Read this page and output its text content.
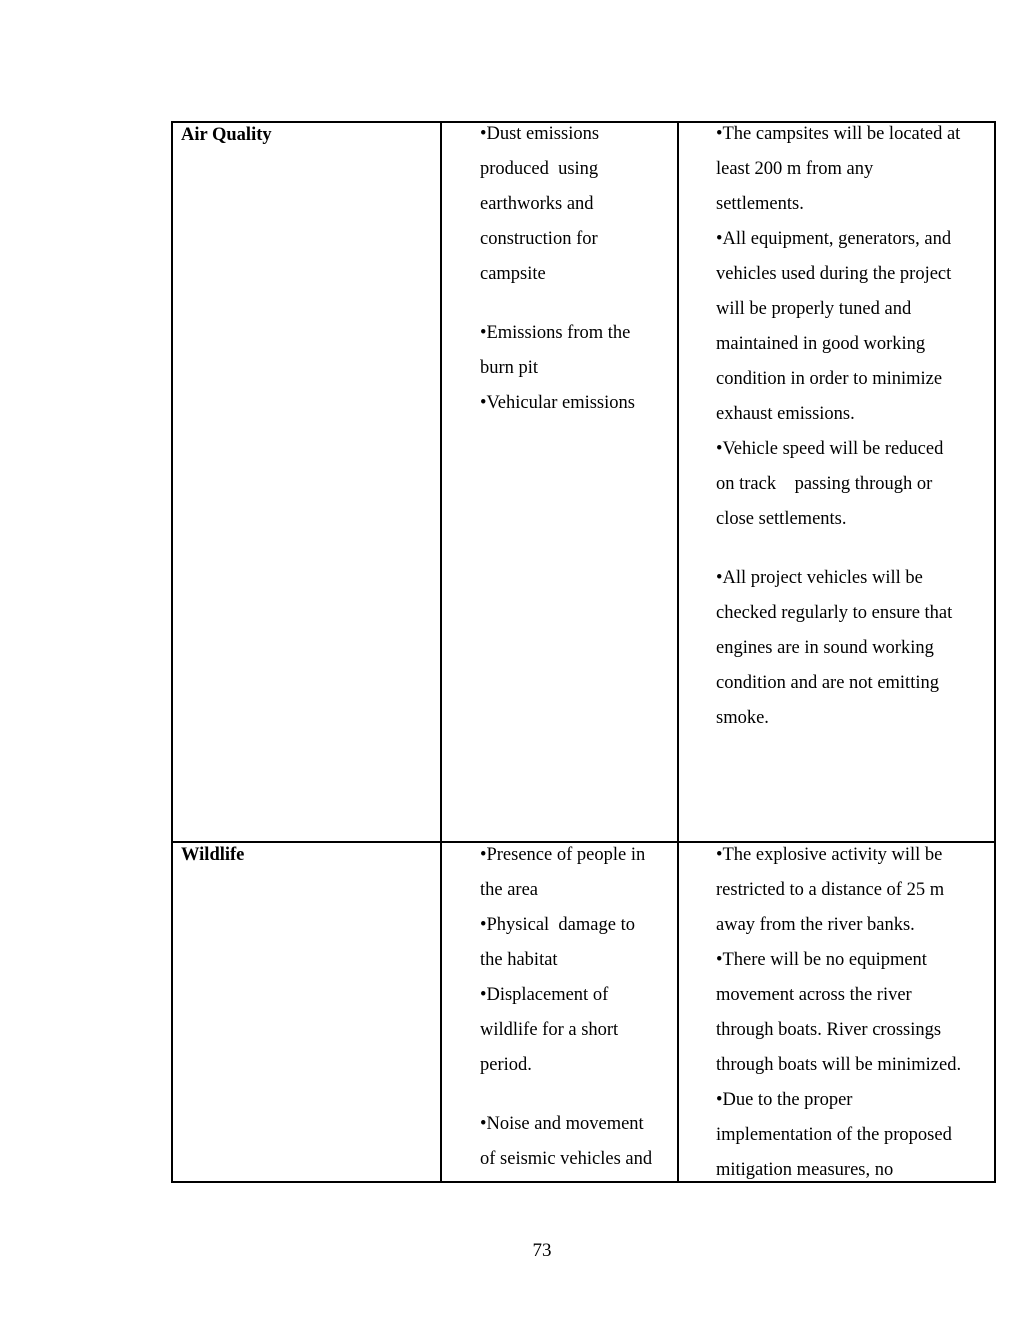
Air Quality	•Dust emissions
produced  using
earthworks and
construction for
campsite
•Emissions from the
burn pit
•Vehicular emissions
•The campsites will be located at
least 200 m from any
settlements.
•All equipment, generators, and
vehicles used during the project
will be properly tuned and
maintained in good working
condition in order to minimize
exhaust emissions.
•Vehicle speed will be reduced
on track    passing through or
close settlements.
•All project vehicles will be
checked regularly to ensure that
engines are in sound working
condition and are not emitting
smoke.
Wildlife	•Presence of people in
the area
•Physical  damage to
the habitat
•Displacement of
wildlife for a short
period.
•Noise and movement
of seismic vehicles and
•The explosive activity will be
restricted to a distance of 25 m
away from the river banks.
•There will be no equipment
movement across the river
through boats. River crossings
through boats will be minimized.
•Due to the proper
implementation of the proposed
mitigation measures, no
73
